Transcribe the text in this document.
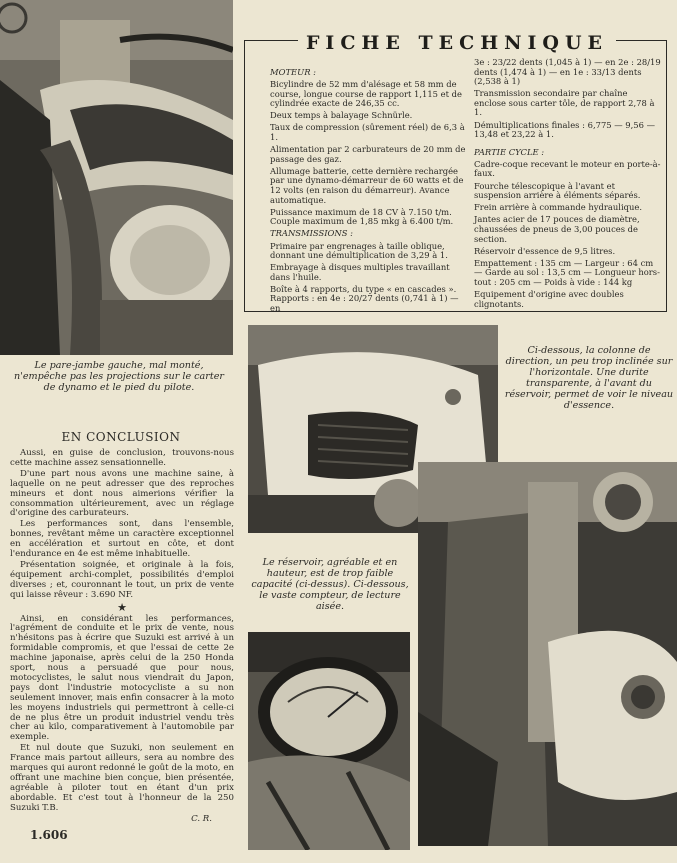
FICHE TECHNIQUE

MOTEUR :

Bicylindre de 52 mm d'alésage et 58 mm de course, longue course de rapport 1,115 et de cylindrée exacte de 246,35 cc.

Deux temps à balayage Schnürle.

Taux de compression (sûrement réel) de 6,3 à 1.

Alimentation par 2 carburateurs de 20 mm de passage des gaz.

Allumage batterie, cette dernière rechargée par une dynamo-démarreur de 60 watts et de 12 volts (en raison du démarreur). Avance automatique.

Puissance maximum de 18 CV à 7.150 t/m. Couple maximum de 1,85 mkg à 6.400 t/m.

TRANSMISSIONS :

Primaire par engrenages à taille oblique, donnant une démultiplication de 3,29 à 1.

Embrayage à disques multiples travaillant dans l'huile.

Boîte à 4 rapports, du type « en cascades ». Rapports : en 4e : 20/27 dents (0,741 à 1) — en

3e : 23/22 dents (1,045 à 1) — en 2e : 28/19 dents (1,474 à 1) — en 1e : 33/13 dents (2,538 à 1)

Transmission secondaire par chaîne enclose sous carter tôle, de rapport 2,78 à 1.

Démultiplications finales : 6,775 — 9,56 — 13,48 et 23,22 à 1.

PARTIE CYCLE :

Cadre-coque recevant le moteur en porte-à-faux.

Fourche télescopique à l'avant et suspension arrière à éléments séparés.

Frein arrière à commande hydraulique.

Jantes acier de 17 pouces de diamètre, chaussées de pneus de 3,00 pouces de section.

Réservoir d'essence de 9,5 litres.

Empattement : 135 cm — Largeur : 64 cm — Garde au sol : 13,5 cm — Longueur hors-tout : 205 cm — Poids à vide : 144 kg

Equipement d'origine avec doubles clignotants.

Le pare-jambe gauche, mal monté, n'empêche pas les projections sur le carter de dynamo et le pied du pilote.
Ci-dessous, la colonne de direction, un peu trop inclinée sur l'horizontale. Une durite transparente, à l'avant du réservoir, permet de voir le niveau d'essence.
EN CONCLUSION

Aussi, en guise de conclusion, trouvons-nous cette machine assez sensationnelle.

D'une part nous avons une machine saine, à laquelle on ne peut adresser que des reproches mineurs et dont nous aimerions vérifier la consommation ultérieurement, avec un réglage d'origine des carburateurs.

Les performances sont, dans l'ensemble, bonnes, revêtant même un caractère exceptionnel en accélération et surtout en côte, et dont l'endurance en 4e est même inhabituelle.

Présentation soignée, et originale à la fois, équipement archi-complet, possibilités d'emploi diverses ; et, couronnant le tout, un prix de vente qui laisse rêveur : 3.690 NF.

★

Ainsi, en considérant les performances, l'agrément de conduite et le prix de vente, nous n'hésitons pas à écrire que Suzuki est arrivé à un formidable compromis, et que l'essai de cette 2e machine japonaise, après celui de la 250 Honda sport, nous a persuadé que pour nous, motocyclistes, le salut nous viendrait du Japon, pays dont l'industrie motocycliste a su non seulement innover, mais enfin consacrer à la moto les moyens industriels qui permettront à celle-ci de ne plus être un produit industriel vendu très cher au kilo, comparativement à l'automobile par exemple.

Et nul doute que Suzuki, non seulement en France mais partout ailleurs, sera au nombre des marques qui auront redonné le goût de la moto, en offrant une machine bien conçue, bien présentée, agréable à piloter tout en étant d'un prix abordable. Et c'est tout à l'honneur de la 250 Suzuki T.B.

C. R.

Le réservoir, agréable et en hauteur, est de trop faible capacité (ci-dessus). Ci-dessous, le vaste compteur, de lecture aisée.
1.606
